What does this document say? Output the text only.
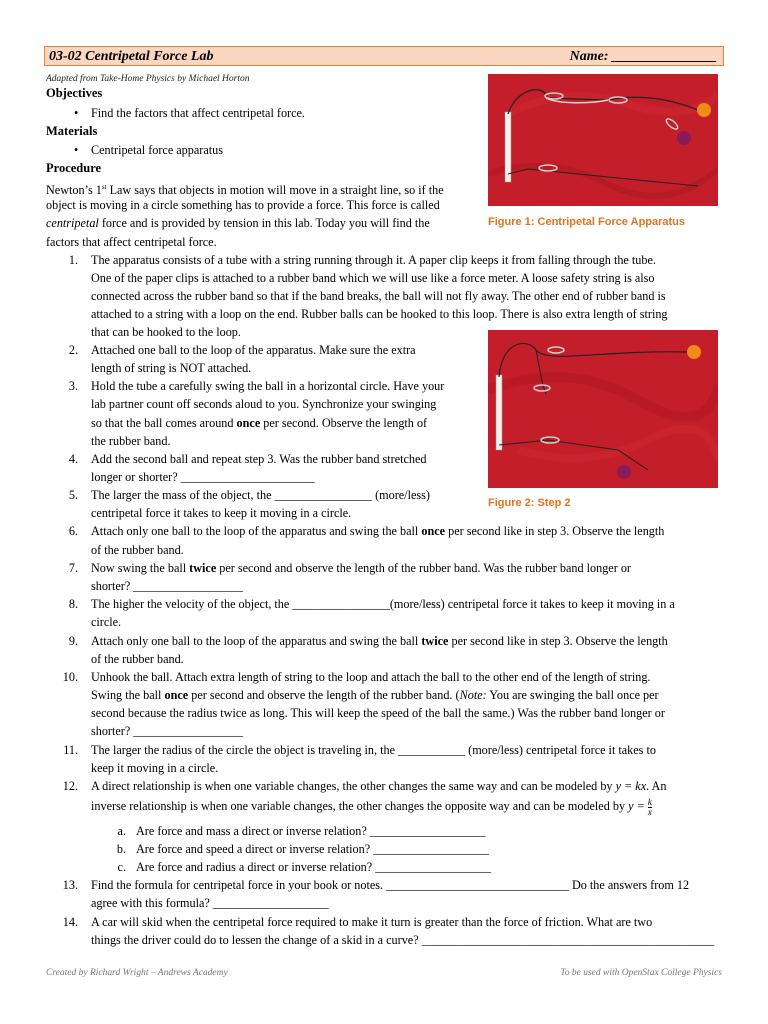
03-02 Centripetal Force Lab	Name: _______________
Adapted from Take-Home Physics by Michael Horton
Objectives
• Find the factors that affect centripetal force.
Materials
• Centripetal force apparatus
Procedure
Newton’s 1st Law says that objects in motion will move in a straight line, so if the
object is moving in a circle something has to provide a force. This force is called
centripetal force and is provided by tension in this lab. Today you will find the
factors that affect centripetal force.
Figure 1: Centripetal Force Apparatus
1. The apparatus consists of a tube with a string running through it. A paper clip keeps it from falling through the tube.
One of the paper clips is attached to a rubber band which we will use like a force meter. A loose safety string is also
connected across the rubber band so that if the band breaks, the ball will not fly away. The other end of rubber band is
attached to a string with a loop on the end. Rubber balls can be hooked to this loop. There is also extra length of string
that can be hooked to the loop.
Figure 2: Step 2
2. Attached one ball to the loop of the apparatus. Make sure the extra
length of string is NOT attached.
3. Hold the tube a carefully swing the ball in a horizontal circle. Have your
lab partner count off seconds aloud to you. Synchronize your swinging
so that the ball comes around once per second. Observe the length of
the rubber band.
4. Add the second ball and repeat step 3. Was the rubber band stretched
longer or shorter? ______________________
5. The larger the mass of the object, the ________________ (more/less)
centripetal force it takes to keep it moving in a circle.
6. Attach only one ball to the loop of the apparatus and swing the ball once per second like in step 3. Observe the length
of the rubber band.
7. Now swing the ball twice per second and observe the length of the rubber band. Was the rubber band longer or
shorter? __________________
8. The higher the velocity of the object, the ________________(more/less) centripetal force it takes to keep it moving in a
circle.
9. Attach only one ball to the loop of the apparatus and swing the ball twice per second like in step 3. Observe the length
of the rubber band.
10. Unhook the ball. Attach extra length of string to the loop and attach the ball to the other end of the length of string.
Swing the ball once per second and observe the length of the rubber band. (Note: You are swinging the ball once per
second because the radius twice as long. This will keep the speed of the ball the same.) Was the rubber band longer or
shorter? __________________
11. The larger the radius of the circle the object is traveling in, the ___________ (more/less) centripetal force it takes to
keep it moving in a circle.
12. A direct relationship is when one variable changes, the other changes the same way and can be modeled by y = kx. An
inverse relationship is when one variable changes, the other changes the opposite way and can be modeled by $y = \frac{k}{x}$
a. Are force and mass a direct or inverse relation? ___________________
b. Are force and speed a direct or inverse relation? ___________________
c. Are force and radius a direct or inverse relation? ___________________
13. Find the formula for centripetal force in your book or notes. ______________________________ Do the answers from 12
agree with this formula? ___________________
14. A car will skid when the centripetal force required to make it turn is greater than the force of friction. What are two
things the driver could do to lessen the change of a skid in a curve? ________________________________________________
Created by Richard Wright – Andrews Academy	To be used with OpenStax College Physics
